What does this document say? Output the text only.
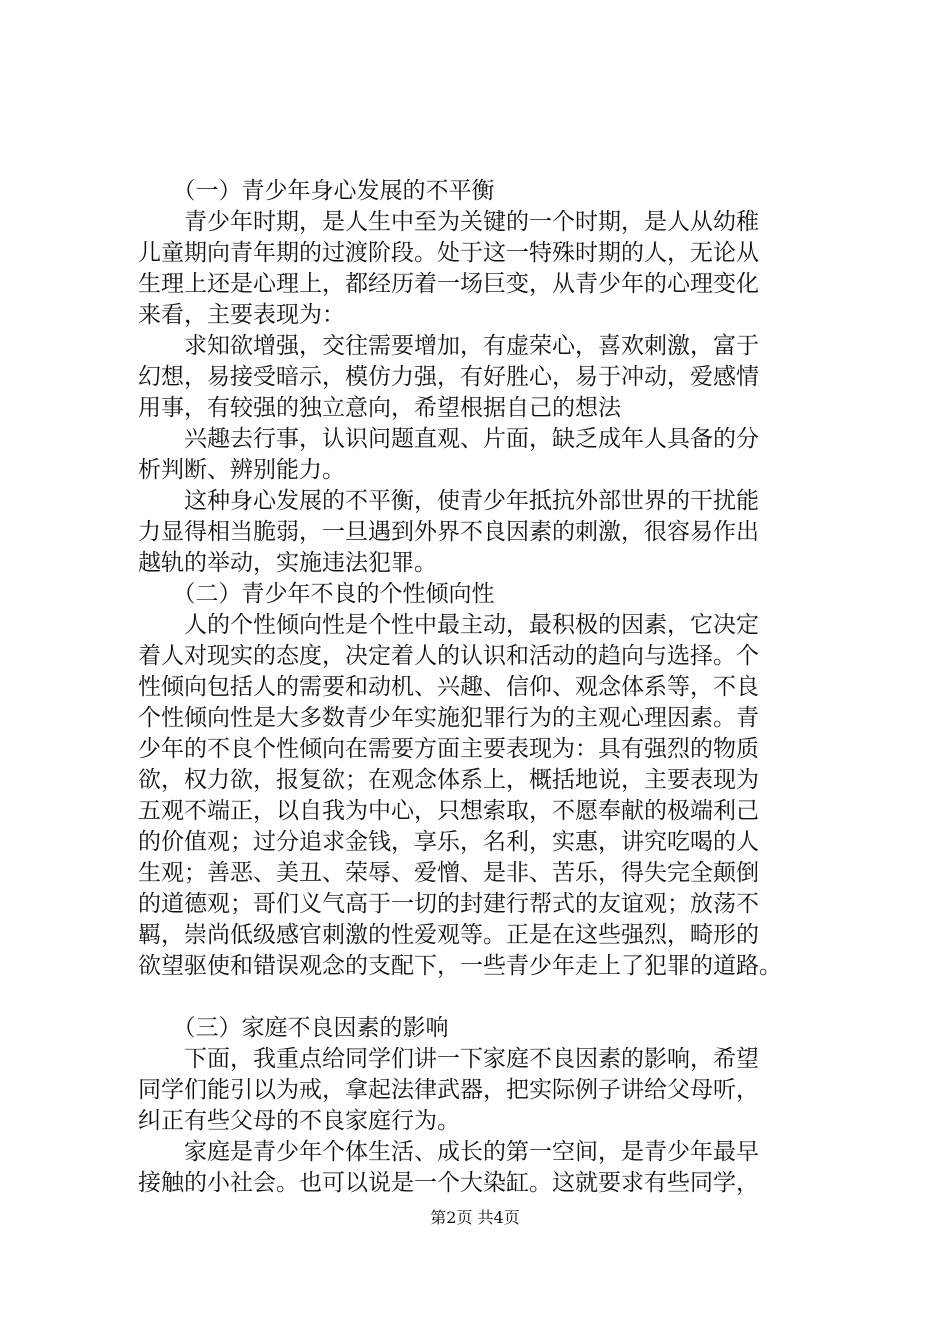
　　（一）青少年身心发展的不平衡
　　青少年时期，是人生中至为关键的一个时期，是人从幼稚
儿童期向青年期的过渡阶段。处于这一特殊时期的人，无论从
生理上还是心理上，都经历着一场巨变，从青少年的心理变化
来看，主要表现为：
　　求知欲增强，交往需要增加，有虚荣心，喜欢刺激，富于
幻想，易接受暗示，模仿力强，有好胜心，易于冲动，爱感情
用事，有较强的独立意向，希望根据自己的想法
　　兴趣去行事，认识问题直观、片面，缺乏成年人具备的分
析判断、辨别能力。
　　这种身心发展的不平衡，使青少年抵抗外部世界的干扰能
力显得相当脆弱，一旦遇到外界不良因素的刺激，很容易作出
越轨的举动，实施违法犯罪。
　　（二）青少年不良的个性倾向性
　　人的个性倾向性是个性中最主动，最积极的因素，它决定
着人对现实的态度，决定着人的认识和活动的趋向与选择。个
性倾向包括人的需要和动机、兴趣、信仰、观念体系等，不良
个性倾向性是大多数青少年实施犯罪行为的主观心理因素。青
少年的不良个性倾向在需要方面主要表现为：具有强烈的物质
欲，权力欲，报复欲；在观念体系上，概括地说，主要表现为
五观不端正，以自我为中心，只想索取，不愿奉献的极端利己
的价值观；过分追求金钱，享乐，名利，实惠，讲究吃喝的人
生观；善恶、美丑、荣辱、爱憎、是非、苦乐，得失完全颠倒
的道德观；哥们义气高于一切的封建行帮式的友谊观；放荡不
羁，崇尚低级感官刺激的性爱观等。正是在这些强烈，畸形的
欲望驱使和错误观念的支配下，一些青少年走上了犯罪的道路。
　　（三）家庭不良因素的影响
　　下面，我重点给同学们讲一下家庭不良因素的影响，希望
同学们能引以为戒，拿起法律武器，把实际例子讲给父母听，
纠正有些父母的不良家庭行为。
　　家庭是青少年个体生活、成长的第一空间，是青少年最早
接触的小社会。也可以说是一个大染缸。这就要求有些同学，
第2页 共4页
